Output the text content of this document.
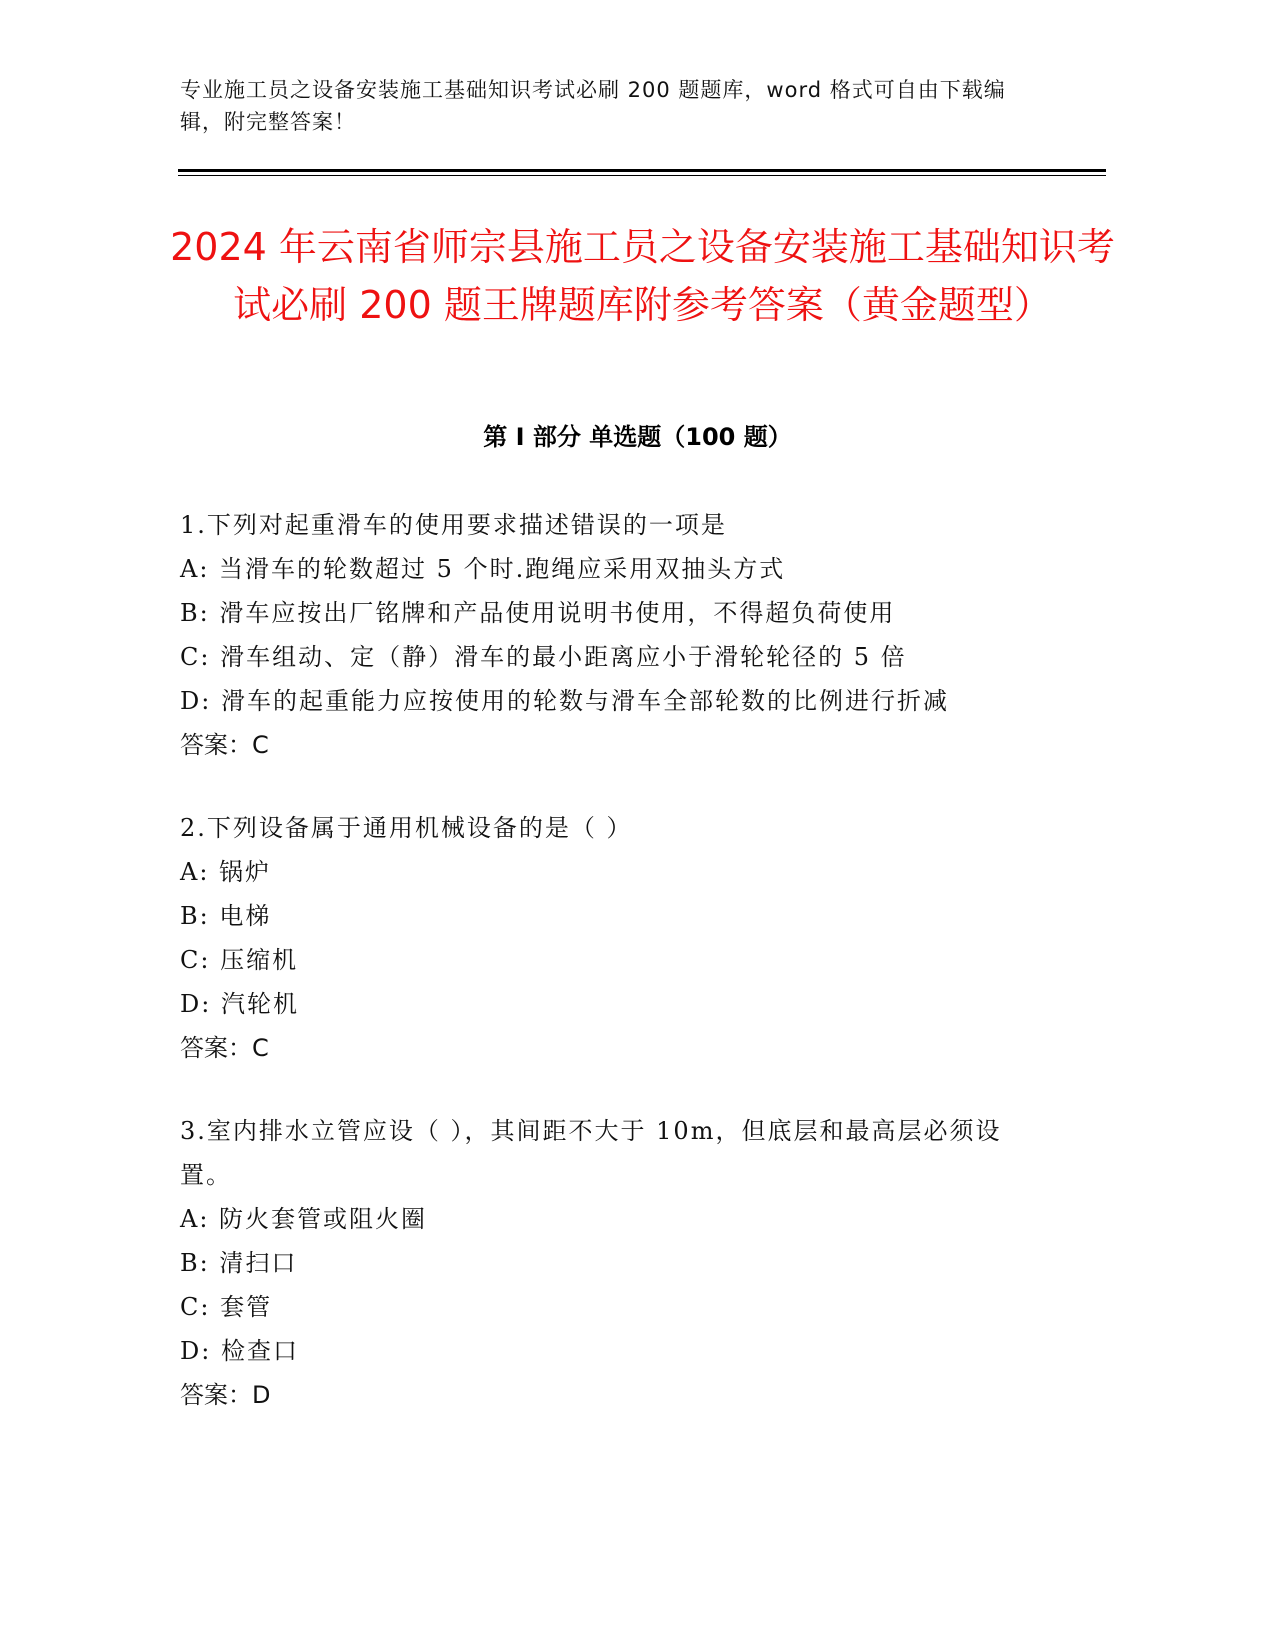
专业施工员之设备安装施工基础知识考试必刷 200 题题库，word 格式可自由下载编辑，附完整答案！
2024 年云南省师宗县施工员之设备安装施工基础知识考试必刷 200 题王牌题库附参考答案（黄金题型）
第 I 部分 单选题（100 题）
1.下列对起重滑车的使用要求描述错误的一项是
A: 当滑车的轮数超过 5 个时.跑绳应采用双抽头方式
B: 滑车应按出厂铭牌和产品使用说明书使用，不得超负荷使用
C: 滑车组动、定（静）滑车的最小距离应小于滑轮轮径的 5 倍
D: 滑车的起重能力应按使用的轮数与滑车全部轮数的比例进行折减
答案：C
2.下列设备属于通用机械设备的是（ ）
A: 锅炉
B: 电梯
C: 压缩机
D: 汽轮机
答案：C
3.室内排水立管应设（ ），其间距不大于 10m，但底层和最高层必须设置。
A: 防火套管或阻火圈
B: 清扫口
C: 套管
D: 检查口
答案：D
